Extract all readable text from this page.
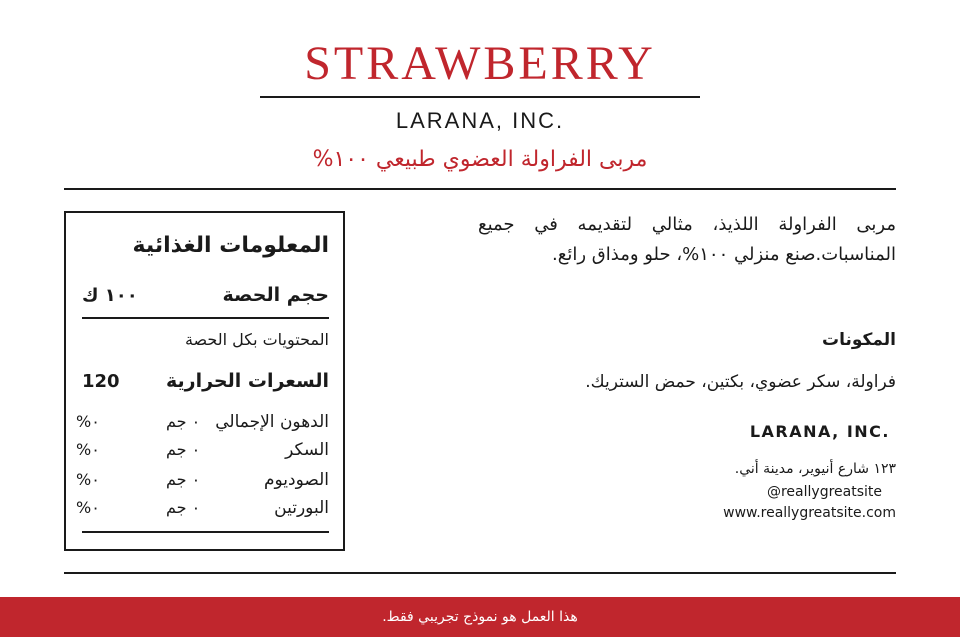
STRAWBERRY
LARANA, INC.
مربى الفراولة العضوي طبيعي ١٠٠%
المعلومات الغذائية
حجم الحصة
١٠٠ ك
المحتويات بكل الحصة
السعرات الحرارية
120
الدهون الإجمالي
٠ جم
٠%
السكر
٠ جم
٠%
الصوديوم
٠ جم
٠%
البورتين
٠ جم
٠%
مربى الفراولة اللذيذ، مثالي لتقديمه في جميع المناسبات.صنع منزلي ١٠٠%، حلو ومذاق رائع.
المكونات
فراولة، سكر عضوي، بكتين، حمض الستريك.
LARANA, INC.
١٢٣ شارع أنيوير، مدينة أني.
@reallygreatsite
www.reallygreatsite.com
هذا العمل هو نموذج تجريبي فقط.
